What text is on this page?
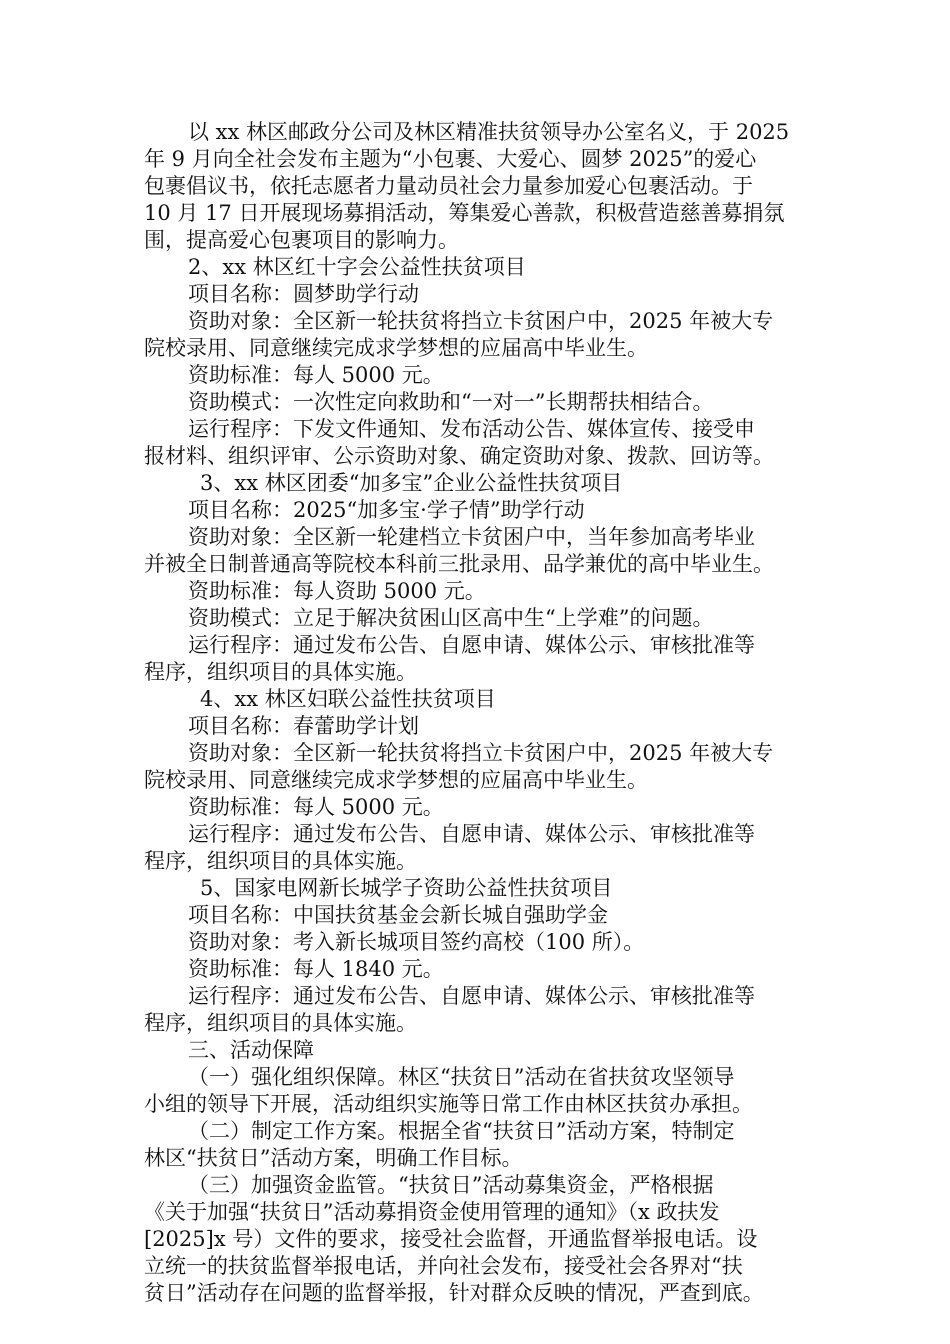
以 xx 林区邮政分公司及林区精准扶贫领导办公室名义，于 2025

年 9 月向全社会发布主题为“小包裹、大爱心、圆梦 2025”的爱心

包裹倡议书，依托志愿者力量动员社会力量参加爱心包裹活动。于

10 月 17 日开展现场募捐活动，筹集爱心善款，积极营造慈善募捐氛

围，提高爱心包裹项目的影响力。

2、xx 林区红十字会公益性扶贫项目

项目名称：圆梦助学行动

资助对象：全区新一轮扶贫将挡立卡贫困户中，2025 年被大专

院校录用、同意继续完成求学梦想的应届高中毕业生。

资助标准：每人 5000 元。

资助模式：一次性定向救助和“一对一”长期帮扶相结合。

运行程序：下发文件通知、发布活动公告、媒体宣传、接受申

报材料、组织评审、公示资助对象、确定资助对象、拨款、回访等。

3、xx 林区团委“加多宝”企业公益性扶贫项目

项目名称：2025“加多宝·学子情”助学行动

资助对象：全区新一轮建档立卡贫困户中，当年参加高考毕业

并被全日制普通高等院校本科前三批录用、品学兼优的高中毕业生。

资助标准：每人资助 5000 元。

资助模式：立足于解决贫困山区高中生“上学难”的问题。

运行程序：通过发布公告、自愿申请、媒体公示、审核批准等

程序，组织项目的具体实施。

4、xx 林区妇联公益性扶贫项目

项目名称：春蕾助学计划

资助对象：全区新一轮扶贫将挡立卡贫困户中，2025 年被大专

院校录用、同意继续完成求学梦想的应届高中毕业生。

资助标准：每人 5000 元。

运行程序：通过发布公告、自愿申请、媒体公示、审核批准等

程序，组织项目的具体实施。

5、国家电网新长城学子资助公益性扶贫项目

项目名称：中国扶贫基金会新长城自强助学金

资助对象：考入新长城项目签约高校（100 所）。

资助标准：每人 1840 元。

运行程序：通过发布公告、自愿申请、媒体公示、审核批准等

程序，组织项目的具体实施。

三、活动保障

（一）强化组织保障。林区“扶贫日”活动在省扶贫攻坚领导

小组的领导下开展，活动组织实施等日常工作由林区扶贫办承担。

（二）制定工作方案。根据全省“扶贫日”活动方案，特制定

林区“扶贫日”活动方案，明确工作目标。

（三）加强资金监管。“扶贫日”活动募集资金，严格根据

《关于加强“扶贫日”活动募捐资金使用管理的通知》（x 政扶发

[2025]x 号）文件的要求，接受社会监督，开通监督举报电话。设

立统一的扶贫监督举报电话，并向社会发布，接受社会各界对“扶

贫日”活动存在问题的监督举报，针对群众反映的情况，严查到底。
